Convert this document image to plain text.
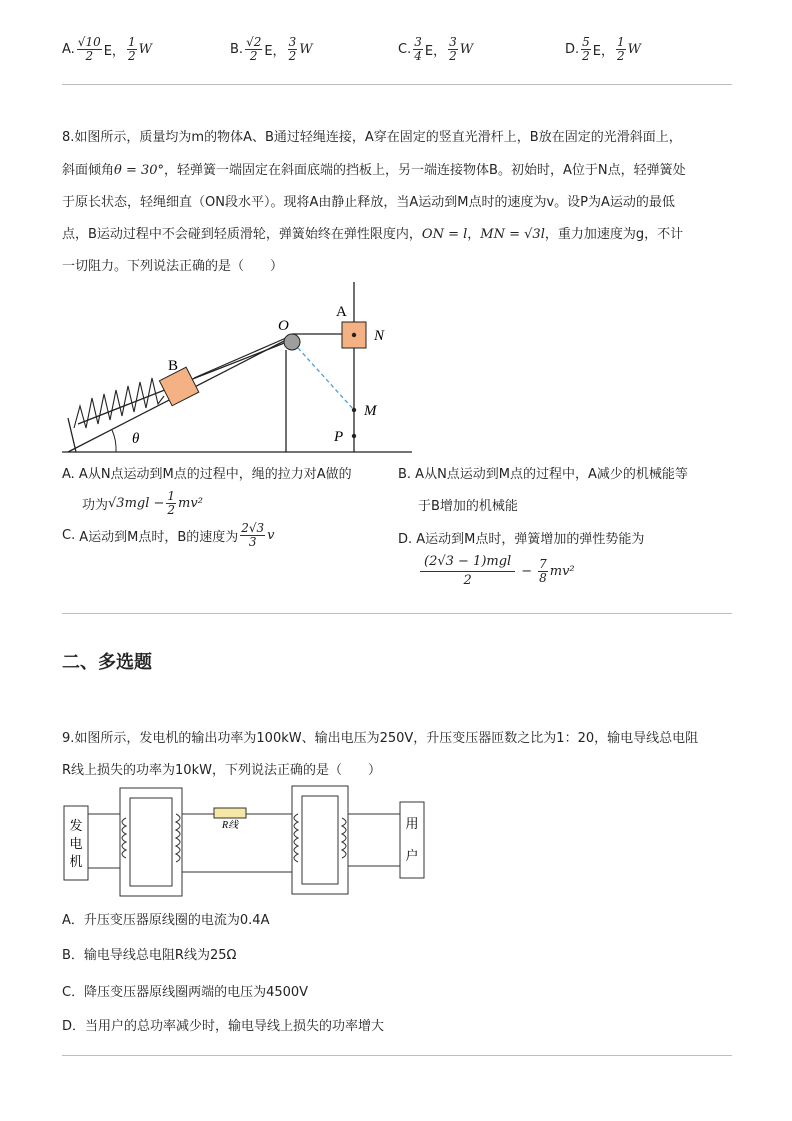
A. $\frac{√10}{2}$ E， $\frac{1}{2}$ W	B. $\frac{√2}{2}$ E， $\frac{3}{2}$ W	C. $\frac{3}{4}$ E， $\frac{3}{2}$ W	D. $\frac{5}{2}$ E， $\frac{1}{2}$ W
8.如图所示，质量均为m的物体A、B通过轻绳连接，A穿在固定的竖直光滑杆上，B放在固定的光滑斜面上，
斜面倾角θ = 30°，轻弹簧一端固定在斜面底端的挡板上，另一端连接物体B。初始时，A位于N点，轻弹簧处
于原长状态，轻绳细直（ON段水平）。现将A由静止释放，当A运动到M点时的速度为v。设P为A运动的最低
点，B运动过程中不会碰到轻质滑轮，弹簧始终在弹性限度内，ON = l，MN = √3l，重力加速度为g，不计
一切阻力。下列说法正确的是（　　）
A
N
O
B
M
P
θ
A. A从N点运动到M点的过程中，绳的拉力对A做的
功为 $√3mgl - \frac{1}{2} mv^2$
B. A从N点运动到M点的过程中，A减少的机械能等
于B增加的机械能
C. A运动到M点时，B的速度为 $\frac{2√3}{3}$ v	D. A运动到M点时，弹簧增加的弹性势能为
$\frac{\text{(2√3 − 1)mgl}}{2} - \frac{7}{8} mv^2$
二、多选题
9.如图所示，发电机的输出功率为100kW、输出电压为250V，升压变压器匝数之比为1：20，输电导线总电阻
R线上损失的功率为10kW，下列说法正确的是（　　）
发
电
机
R线	用
户
A．升压变压器原线圈的电流为0.4A
B．输电导线总电阻R线为25Ω
C．降压变压器原线圈两端的电压为4500V
D．当用户的总功率减少时，输电导线上损失的功率增大
